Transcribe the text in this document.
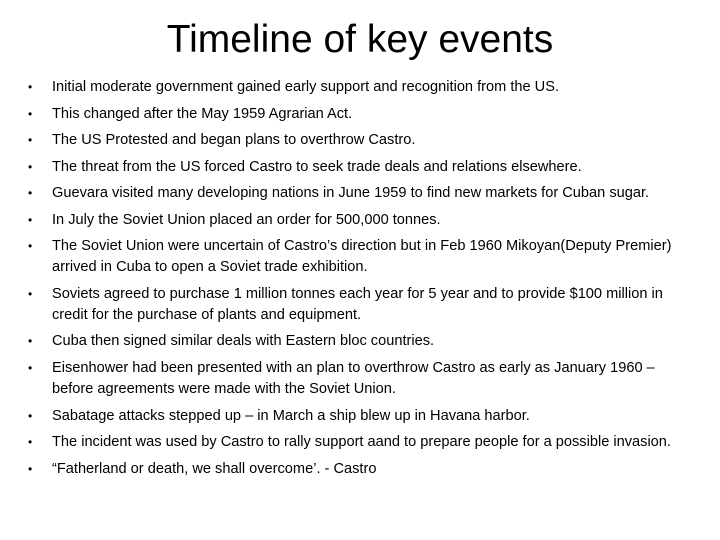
Timeline of key events
• Initial moderate government gained early support and recognition from the US.
• This changed after the May 1959 Agrarian Act.
• The US Protested and began plans to overthrow Castro.
• The threat from the US forced Castro to seek trade deals and relations elsewhere.
• Guevara visited many developing nations in June 1959 to find new markets for Cuban sugar.
• In July the Soviet Union placed an order for 500,000 tonnes.
• The Soviet Union were uncertain of Castro’s direction but in Feb 1960 Mikoyan(Deputy Premier) arrived in Cuba to open a Soviet trade exhibition.
• Soviets agreed to purchase 1 million tonnes each year for 5 year and to provide $100 million in credit for the purchase of plants and equipment.
• Cuba then signed similar deals with Eastern bloc countries.
• Eisenhower had been presented with an plan to overthrow Castro as early as January 1960 – before agreements were made with the Soviet Union.
• Sabatage attacks stepped up – in March a ship blew up in Havana harbor.
• The incident was used by Castro to rally support aand to prepare people for a possible invasion.
• “Fatherland or death, we shall overcome’. - Castro
